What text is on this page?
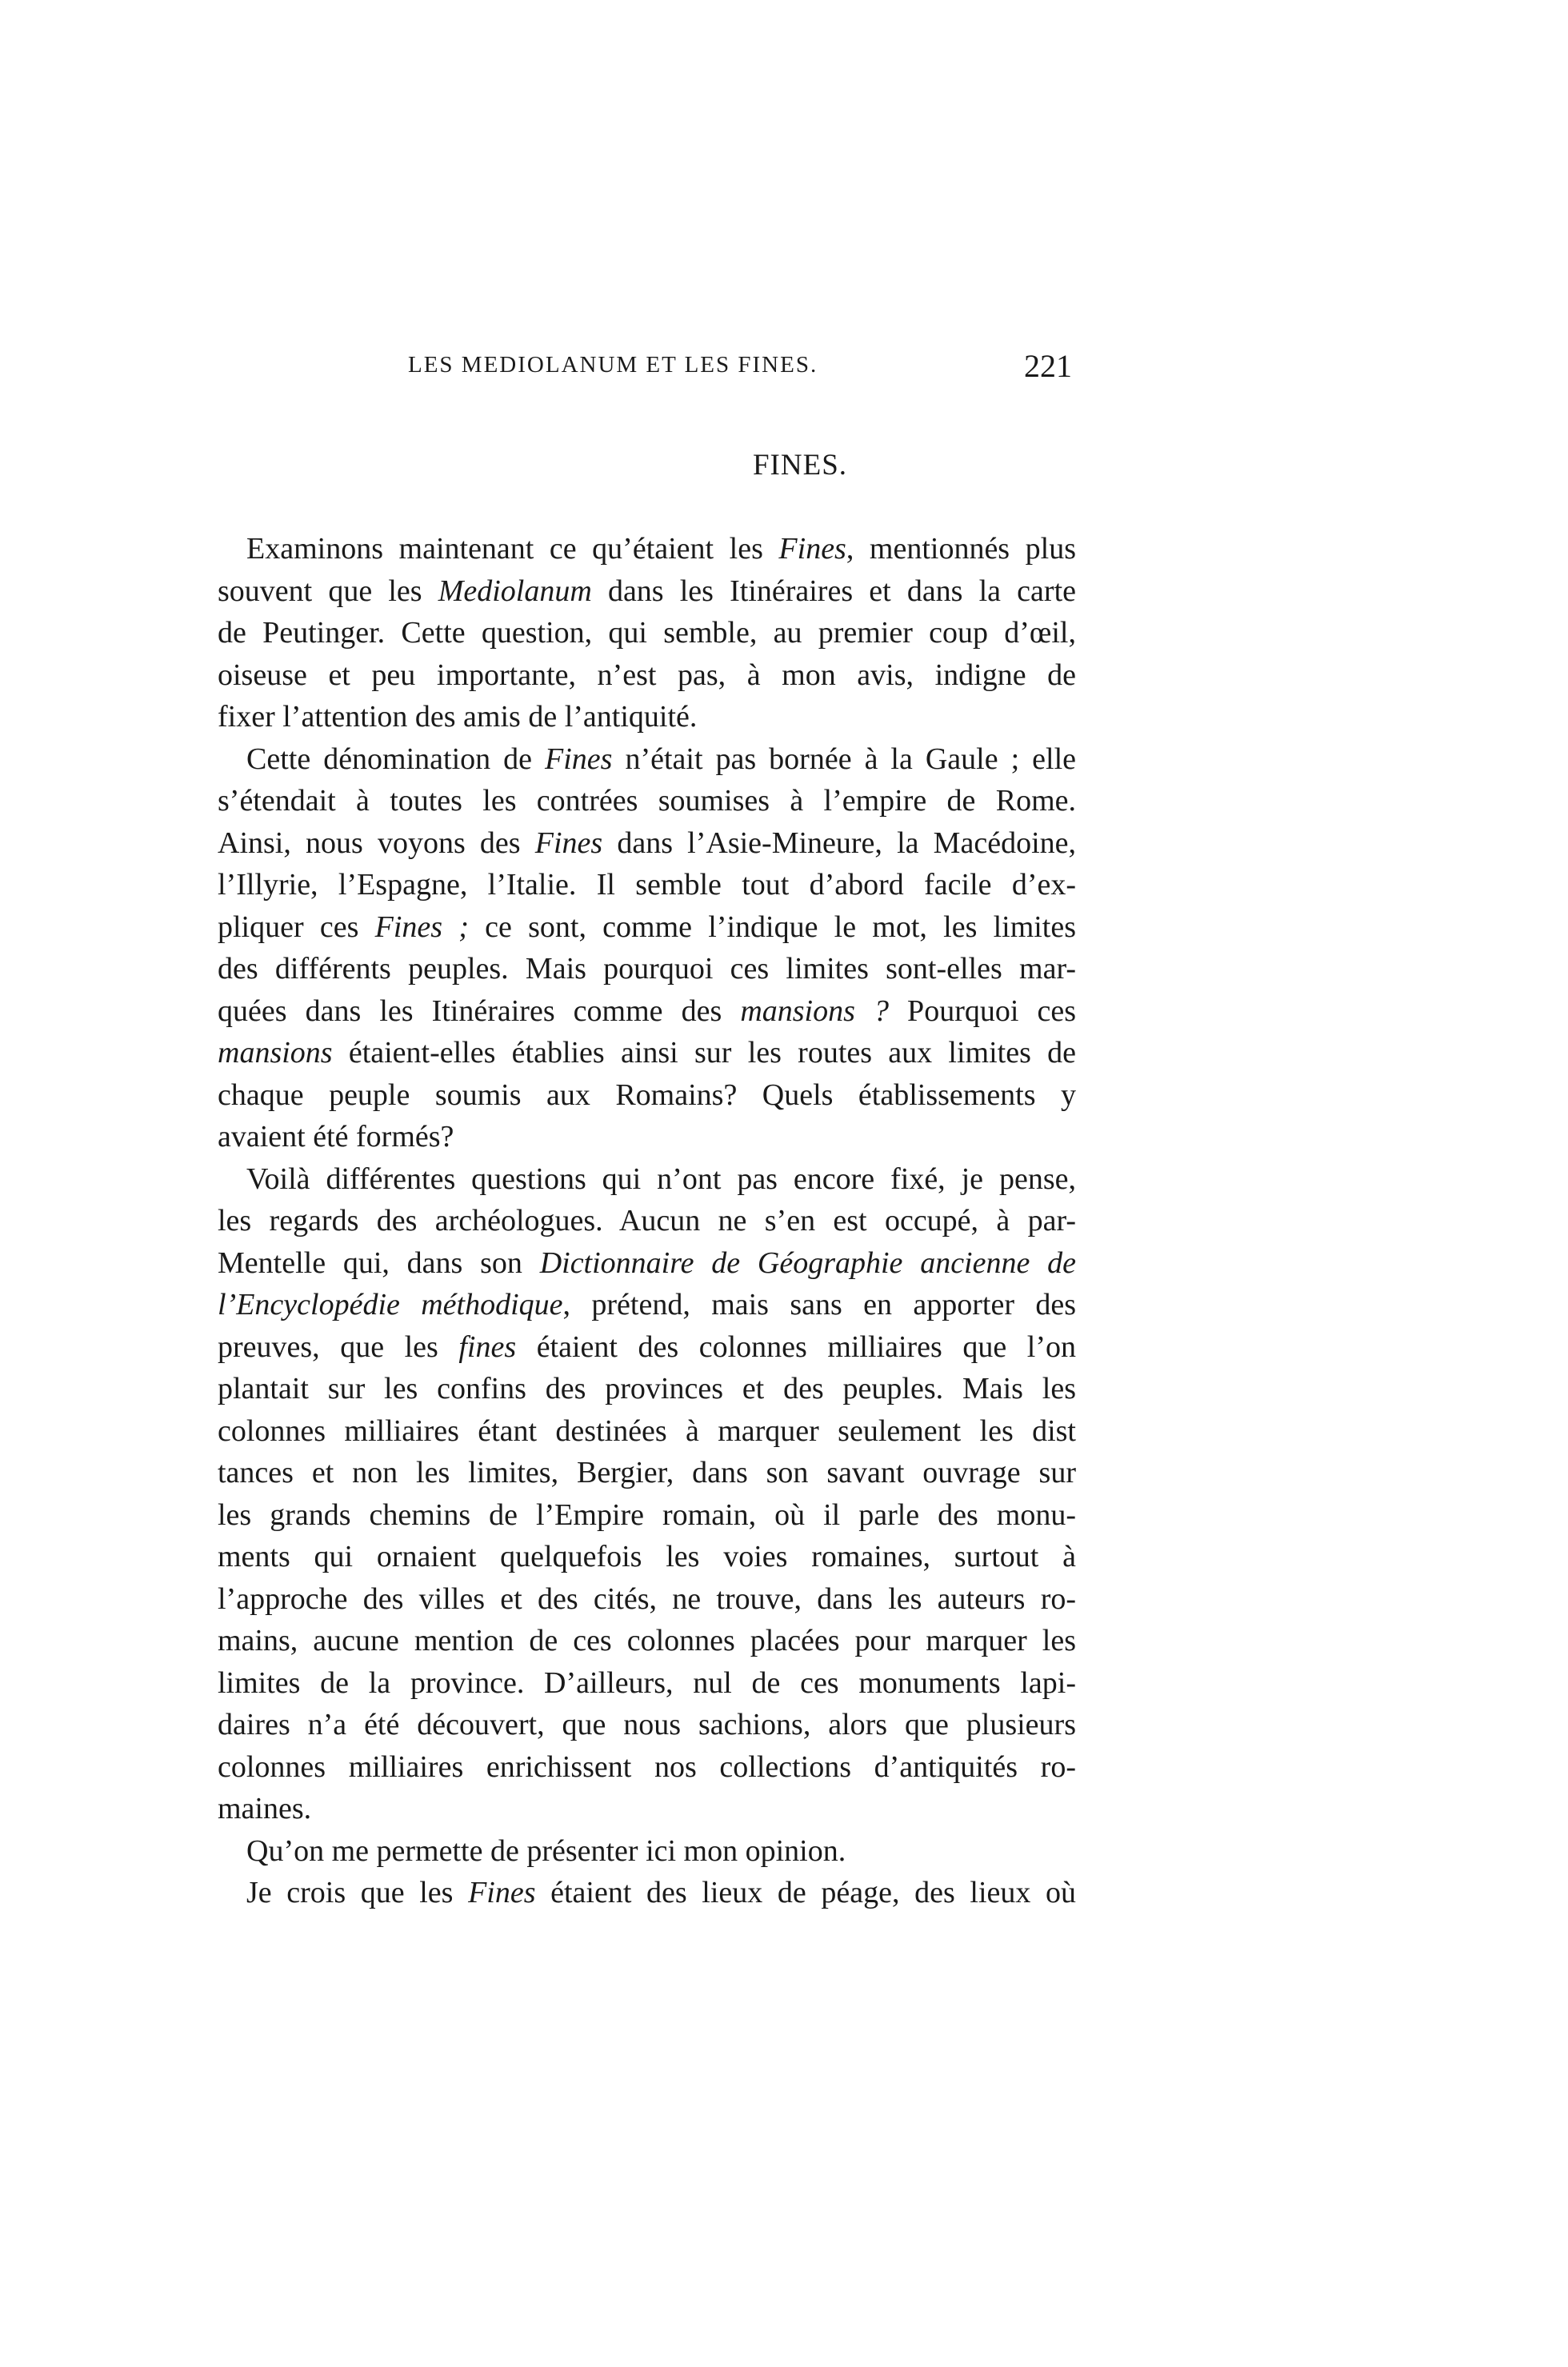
LES MEDIOLANUM ET LES FINES.	221
FINES.
Examinons maintenant ce qu’étaient les Fines, mentionnés plus
souvent que les Mediolanum dans les Itinéraires et dans la carte
de Peutinger. Cette question, qui semble, au premier coup d’œil,
oiseuse et peu importante, n’est pas, à mon avis, indigne de
fixer l’attention des amis de l’antiquité.
Cette dénomination de Fines n’était pas bornée à la Gaule ; elle
s’étendait à toutes les contrées soumises à l’empire de Rome.
Ainsi, nous voyons des Fines dans l’Asie-Mineure, la Macédoine,
l’Illyrie, l’Espagne, l’Italie. Il semble tout d’abord facile d’ex-
pliquer ces Fines ; ce sont, comme l’indique le mot, les limites
des différents peuples. Mais pourquoi ces limites sont-elles mar-
quées dans les Itinéraires comme des mansions ? Pourquoi ces
mansions étaient-elles établies ainsi sur les routes aux limites de
chaque peuple soumis aux Romains? Quels établissements y
avaient été formés?
Voilà différentes questions qui n’ont pas encore fixé, je pense,
les regards des archéologues. Aucun ne s’en est occupé, à par-
Mentelle qui, dans son Dictionnaire de Géographie ancienne de
l’Encyclopédie méthodique, prétend, mais sans en apporter des
preuves, que les fines étaient des colonnes milliaires que l’on
plantait sur les confins des provinces et des peuples. Mais les
colonnes milliaires étant destinées à marquer seulement les dist
tances et non les limites, Bergier, dans son savant ouvrage sur
les grands chemins de l’Empire romain, où il parle des monu-
ments qui ornaient quelquefois les voies romaines, surtout à
l’approche des villes et des cités, ne trouve, dans les auteurs ro-
mains, aucune mention de ces colonnes placées pour marquer les
limites de la province. D’ailleurs, nul de ces monuments lapi-
daires n’a été découvert, que nous sachions, alors que plusieurs
colonnes milliaires enrichissent nos collections d’antiquités ro-
maines.
Qu’on me permette de présenter ici mon opinion.
Je crois que les Fines étaient des lieux de péage, des lieux où
